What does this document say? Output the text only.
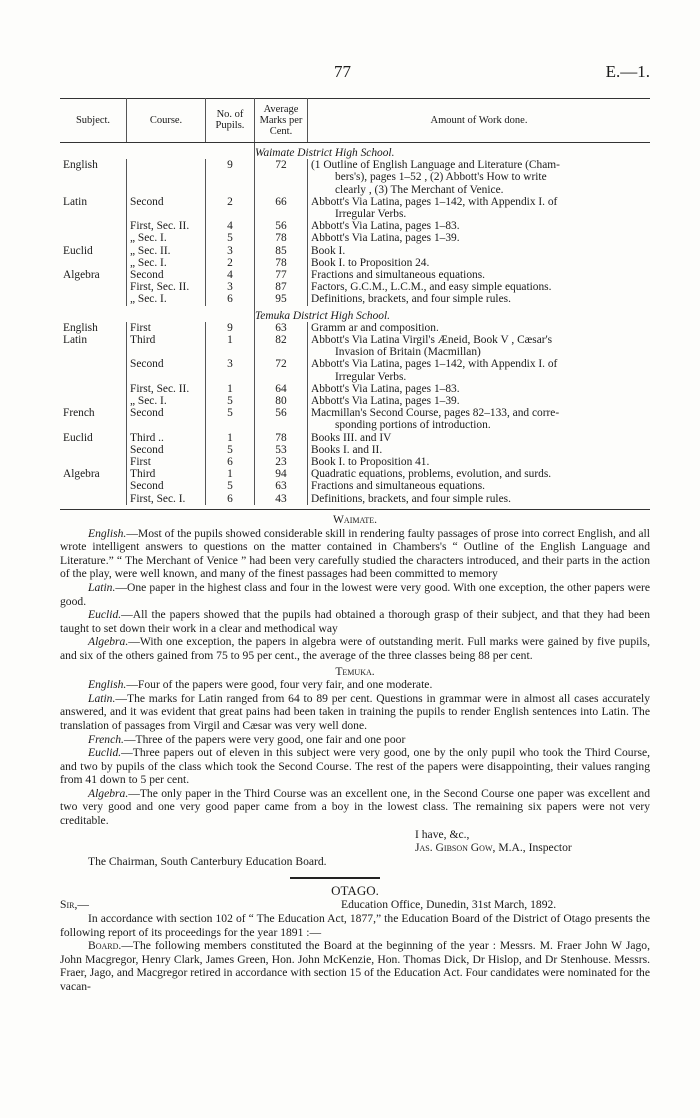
77	E.—1.
Subject.	Course.	No. of Pupils.	Average Marks per Cent.	Amount of Work done.
			Waimate District High School.	
English		9	72	(1 Outline of English Language and Literature (Cham-
bers's), pages 1–52 , (2) Abbott's How to write
clearly , (3) The Merchant of Venice.

Latin	Second	2	66	Abbott's Via Latina, pages 1–142, with Appendix I. of
Irregular Verbs.

	First, Sec. II.	4	56	Abbott's Via Latina, pages 1–83.

	„ Sec. I.	5	78	Abbott's Via Latina, pages 1–39.

Euclid	„ Sec. II.	3	85	Book I.

	„ Sec. I.	2	78	Book I. to Proposition 24.

Algebra	Second	4	77	Fractions and simultaneous equations.

	First, Sec. II.	3	87	Factors, G.C.M., L.C.M., and easy simple equations.

	„ Sec. I.	6	95	Definitions, brackets, and four simple rules.

			Temuka District High School.	
English	First	9	63	Gramm ar and composition.

Latin	Third	1	82	Abbott's Via Latina Virgil's Æneid, Book V , Cæsar's
Invasion of Britain (Macmillan)

	Second	3	72	Abbott's Via Latina, pages 1–142, with Appendix I. of
Irregular Verbs.

	First, Sec. II.	1	64	Abbott's Via Latina, pages 1–83.

	„ Sec. I.	5	80	Abbott's Via Latina, pages 1–39.

French	Second	5	56	Macmillan's Second Course, pages 82–133, and corre-
sponding portions of introduction.

Euclid	Third ..	1	78	Books III. and IV

	Second	5	53	Books I. and II.

	First	6	23	Book I. to Proposition 41.

Algebra	Third	1	94	Quadratic equations, problems, evolution, and surds.

	Second	5	63	Fractions and simultaneous equations.

	First, Sec. I.	6	43	Definitions, brackets, and four simple rules.

Waimate.

English.—Most of the pupils showed considerable skill in rendering faulty passages of prose into correct English, and all wrote intelligent answers to questions on the matter contained in Chambers's “ Outline of the English Language and Literature.” “ The Merchant of Venice ” had been very carefully studied the characters introduced, and their parts in the action of the play, were well known, and many of the finest passages had been committed to memory

Latin.—One paper in the highest class and four in the lowest were very good. With one exception, the other papers were good.

Euclid.—All the papers showed that the pupils had obtained a thorough grasp of their subject, and that they had been taught to set down their work in a clear and methodical way

Algebra.—With one exception, the papers in algebra were of outstanding merit. Full marks were gained by five pupils, and six of the others gained from 75 to 95 per cent., the average of the three classes being 88 per cent.

Temuka.

English.—Four of the papers were good, four very fair, and one moderate.

Latin.—The marks for Latin ranged from 64 to 89 per cent. Questions in grammar were in almost all cases accurately answered, and it was evident that great pains had been taken in training the pupils to render English sentences into Latin. The translation of passages from Virgil and Cæsar was very well done.

French.—Three of the papers were very good, one fair and one poor

Euclid.—Three papers out of eleven in this subject were very good, one by the only pupil who took the Third Course, and two by pupils of the class which took the Second Course. The rest of the papers were disappointing, their values ranging from 41 down to 5 per cent.

Algebra.—The only paper in the Third Course was an excellent one, in the Second Course one paper was excellent and two very good and one very good paper came from a boy in the lowest class. The remaining six papers were not very creditable.

I have, &c.,

Jas. Gibson Gow, M.A., Inspector

The Chairman, South Canterbury Education Board.

OTAGO.

Sir,—	Education Office, Dunedin, 31st March, 1892.

In accordance with section 102 of “ The Education Act, 1877,” the Education Board of the District of Otago presents the following report of its proceedings for the year 1891 :—

Board.—The following members constituted the Board at the beginning of the year : Messrs. M. Fraer John W Jago, John Macgregor, Henry Clark, James Green, Hon. John McKenzie, Hon. Thomas Dick, Dr Hislop, and Dr Stenhouse. Messrs. Fraer, Jago, and Macgregor retired in accordance with section 15 of the Education Act. Four candidates were nominated for the vacan-
